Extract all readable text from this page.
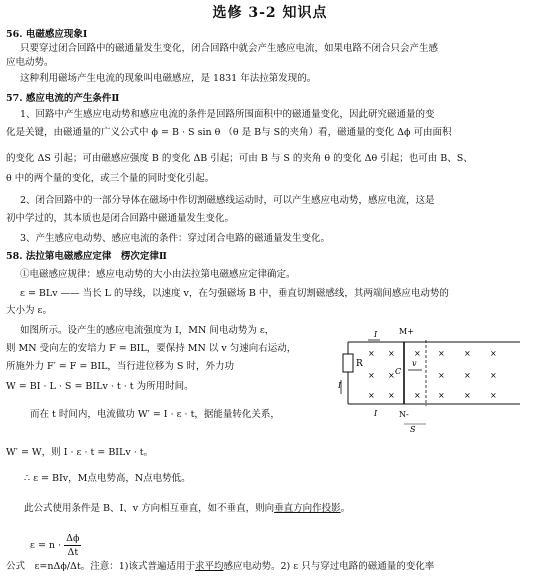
选修 3-2 知识点
56. 电磁感应现象Ⅰ
只要穿过闭合回路中的磁通量发生变化，闭合回路中就会产生感应电流，如果电路不闭合只会产生感
应电动势。
这种利用磁场产生电流的现象叫电磁感应，是 1831 年法拉第发现的。
57. 感应电流的产生条件Ⅱ
1、回路中产生感应电动势和感应电流的条件是回路所围面积中的磁通量变化，因此研究磁通量的变
化是关键，由磁通量的广义公式中 ϕ = B · S sin θ （θ 是 B与 S的夹角）看，磁通量的变化 Δϕ 可由面积
的变化 ΔS 引起；可由磁感应强度 B 的变化 ΔB 引起；可由 B 与 S 的夹角 θ 的变化 Δθ 引起；也可由 B、S、
θ 中的两个量的变化，或三个量的同时变化引起。
2、闭合回路中的一部分导体在磁场中作切割磁感线运动时，可以产生感应电动势，感应电流，这是
初中学过的，其本质也是闭合回路中磁通量发生变化。
3、产生感应电动势、感应电流的条件：穿过闭合电路的磁通量发生变化。
58. 法拉第电磁感应定律　楞次定律Ⅱ
①电磁感应规律：感应电动势的大小由法拉第电磁感应定律确定。
ε = BLv —— 当长 L 的导线，以速度 v，在匀强磁场 B 中，垂直切割磁感线，其两端间感应电动势的
大小为 ε。
如图所示。设产生的感应电流强度为 I，MN 间电动势为 ε，
则 MN 受向左的安培力 F = BIL，要保持 MN 以 v 匀速向右运动，
所施外力 F′ = F = BIL，当行进位移为 S 时，外力功
W = BI · L · S = BILv · t · t 为所用时间。
而在 t 时间内，电流做功 W′ = I · ε · t，据能量转化关系，
W′ = W，则 I · ε · t = BILv · t。
∴ ε = BIv，M点电势高，N点电势低。
此公式使用条件是 B、I、v 方向相互垂直，如不垂直，则向垂直方向作投影。
$\varepsilon = n \cdot \frac{\Delta\phi}{\Delta t}$
公式　ε=nΔϕ/Δt。注意：1)该式普遍适用于求平均感应电动势。2) ε 只与穿过电路的磁通量的变化率
R
I
I
I
M+
N-
C
v
S
× × × × × ×
× ×	× × ×
× × × × × ×
